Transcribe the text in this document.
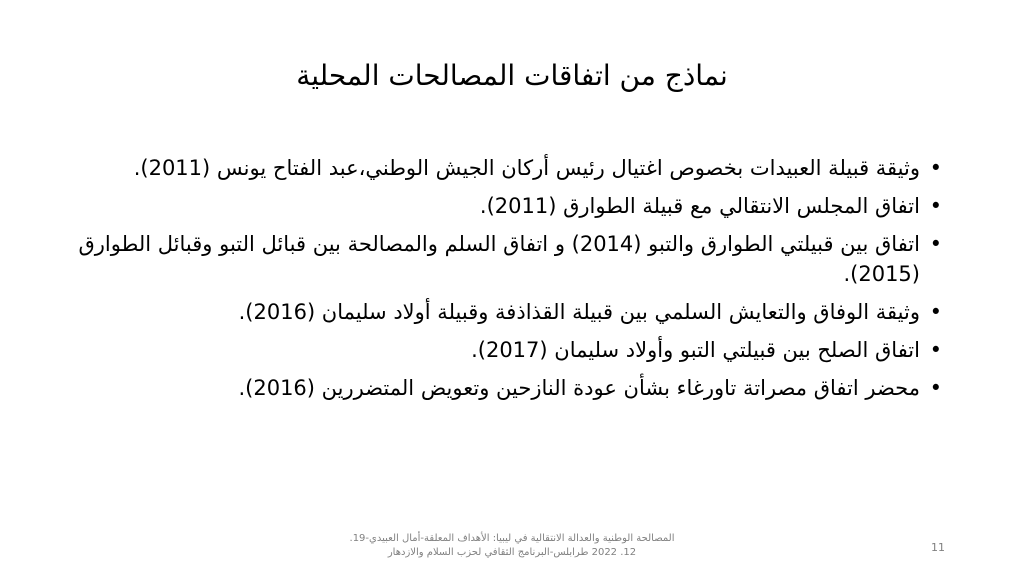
نماذج من اتفاقات المصالحات المحلية
•
وثيقة قبيلة العبيدات بخصوص اغتيال رئيس أركان الجيش الوطني،عبد الفتاح يونس (2011).
•
اتفاق المجلس الانتقالي مع قبيلة الطوارق (2011).
•
اتفاق بين قبيلتي الطوارق والتبو (2014) و اتفاق السلم والمصالحة بين قبائل التبو وقبائل الطوارق (2015).
•
وثيقة الوفاق والتعايش السلمي بين قبيلة القذاذفة وقبيلة أولاد سليمان (2016).
•
اتفاق الصلح بين قبيلتي التبو وأولاد سليمان (2017).
•
محضر اتفاق مصراتة تاورغاء بشأن عودة النازحين وتعويض المتضررين (2016).
المصالحة الوطنية والعدالة الانتقالية في ليبيا: الأهداف المعلقة-أمال العبيدي-19.
12. 2022 طرابلس-البرنامج الثقافي لحزب السلام والازدهار	11
